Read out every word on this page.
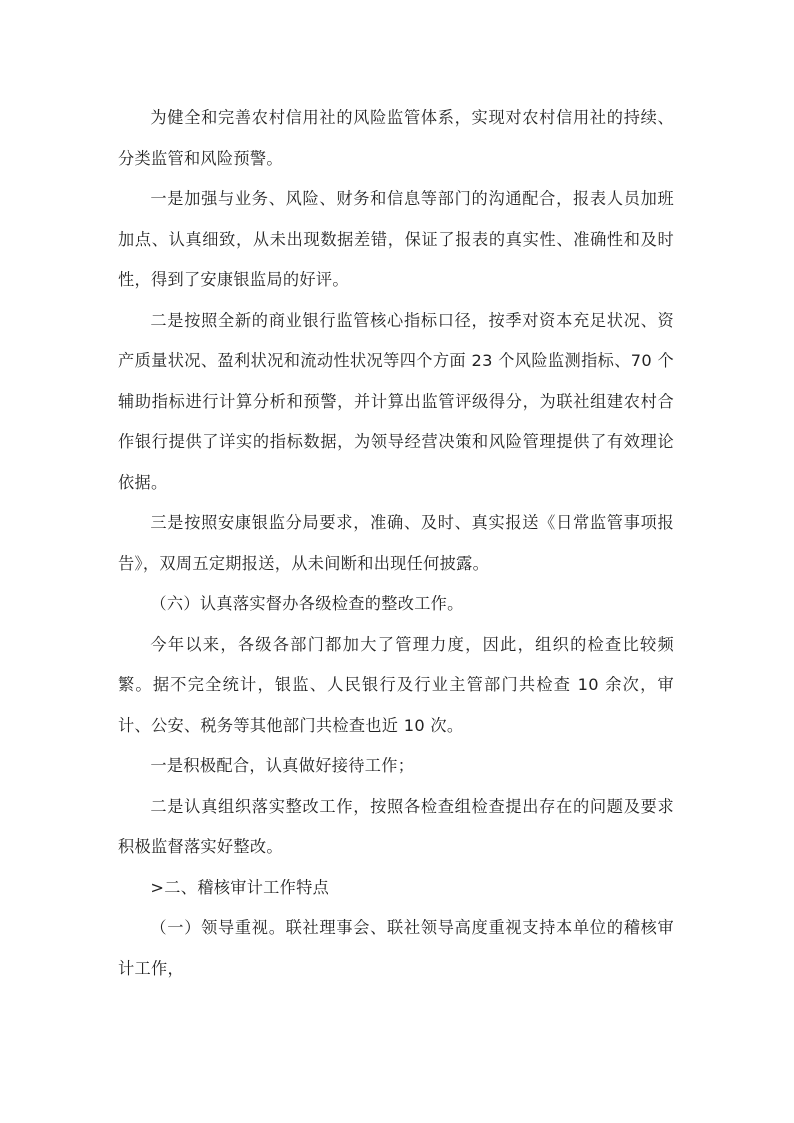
为健全和完善农村信用社的风险监管体系，实现对农村信用社的持续、分类监管和风险预警。

一是加强与业务、风险、财务和信息等部门的沟通配合，报表人员加班加点、认真细致，从未出现数据差错，保证了报表的真实性、准确性和及时性，得到了安康银监局的好评。

二是按照全新的商业银行监管核心指标口径，按季对资本充足状况、资产质量状况、盈利状况和流动性状况等四个方面 23 个风险监测指标、70 个辅助指标进行计算分析和预警，并计算出监管评级得分，为联社组建农村合作银行提供了详实的指标数据，为领导经营决策和风险管理提供了有效理论依据。

三是按照安康银监分局要求，准确、及时、真实报送《日常监管事项报告》，双周五定期报送，从未间断和出现任何披露。

（六）认真落实督办各级检查的整改工作。

今年以来，各级各部门都加大了管理力度，因此，组织的检查比较频繁。据不完全统计，银监、人民银行及行业主管部门共检查 10 余次，审计、公安、税务等其他部门共检查也近 10 次。

一是积极配合，认真做好接待工作；

二是认真组织落实整改工作，按照各检查组检查提出存在的问题及要求积极监督落实好整改。

>二、稽核审计工作特点

（一）领导重视。联社理事会、联社领导高度重视支持本单位的稽核审计工作，
